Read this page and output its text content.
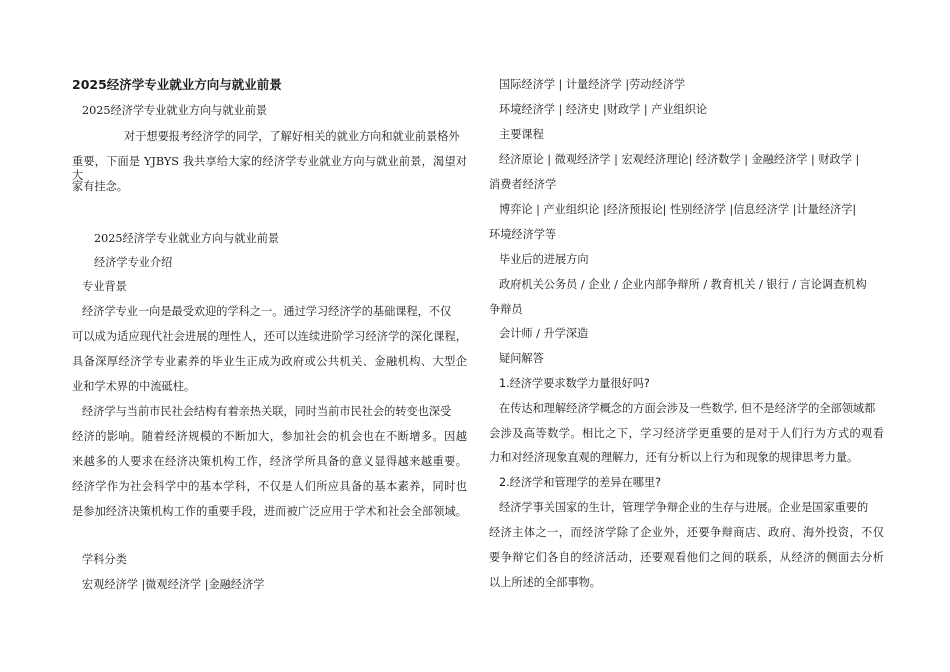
2025经济学专业就业方向与就业前景
2025经济学专业就业方向与就业前景
对于想要报考经济学的同学，了解好相关的就业方向和就业前景格外
重要，下面是 YJBYS 我共享给大家的经济学专业就业方向与就业前景，渴望对大
家有挂念。
2025经济学专业就业方向与就业前景
经济学专业介绍
专业背景
经济学专业一向是最受欢迎的学科之一。通过学习经济学的基础课程，不仅
可以成为适应现代社会进展的理性人，还可以连续进阶学习经济学的深化课程，
具备深厚经济学专业素养的毕业生正成为政府或公共机关、金融机构、大型企
业和学术界的中流砥柱。
经济学与当前市民社会结构有着亲热关联，同时当前市民社会的转变也深受
经济的影响。随着经济规模的不断加大，参加社会的机会也在不断增多。因越
来越多的人要求在经济决策机构工作，经济学所具备的意义显得越来越重要。
经济学作为社会科学中的基本学科，不仅是人们所应具备的基本素养，同时也
是参加经济决策机构工作的重要手段，进而被广泛应用于学术和社会全部领域。
学科分类
宏观经济学 |微观经济学 |金融经济学
国际经济学 | 计量经济学 |劳动经济学
环境经济学 | 经济史 |财政学 | 产业组织论
主要课程
经济原论 | 微观经济学 | 宏观经济理论| 经济数学 | 金融经济学 | 财政学 |
消费者经济学
博弈论 | 产业组织论 |经济预报论| 性别经济学 |信息经济学 |计量经济学|
环境经济学等
毕业后的进展方向
政府机关公务员 / 企业 / 企业内部争辩所 / 教育机关 / 银行 / 言论调查机构
争辩员
会计师 / 升学深造
疑问解答
1.经济学要求数学力量很好吗?
在传达和理解经济学概念的方面会涉及一些数学, 但不是经济学的全部领域都
会涉及高等数学。相比之下，学习经济学更重要的是对于人们行为方式的观看
力和对经济现象直观的理解力，还有分析以上行为和现象的规律思考力量。
2.经济学和管理学的差异在哪里?
经济学事关国家的生计，管理学争辩企业的生存与进展。企业是国家重要的
经济主体之一，而经济学除了企业外，还要争辩商店、政府、海外投资，不仅
要争辩它们各自的经济活动，还要观看他们之间的联系，从经济的侧面去分析
以上所述的全部事物。
